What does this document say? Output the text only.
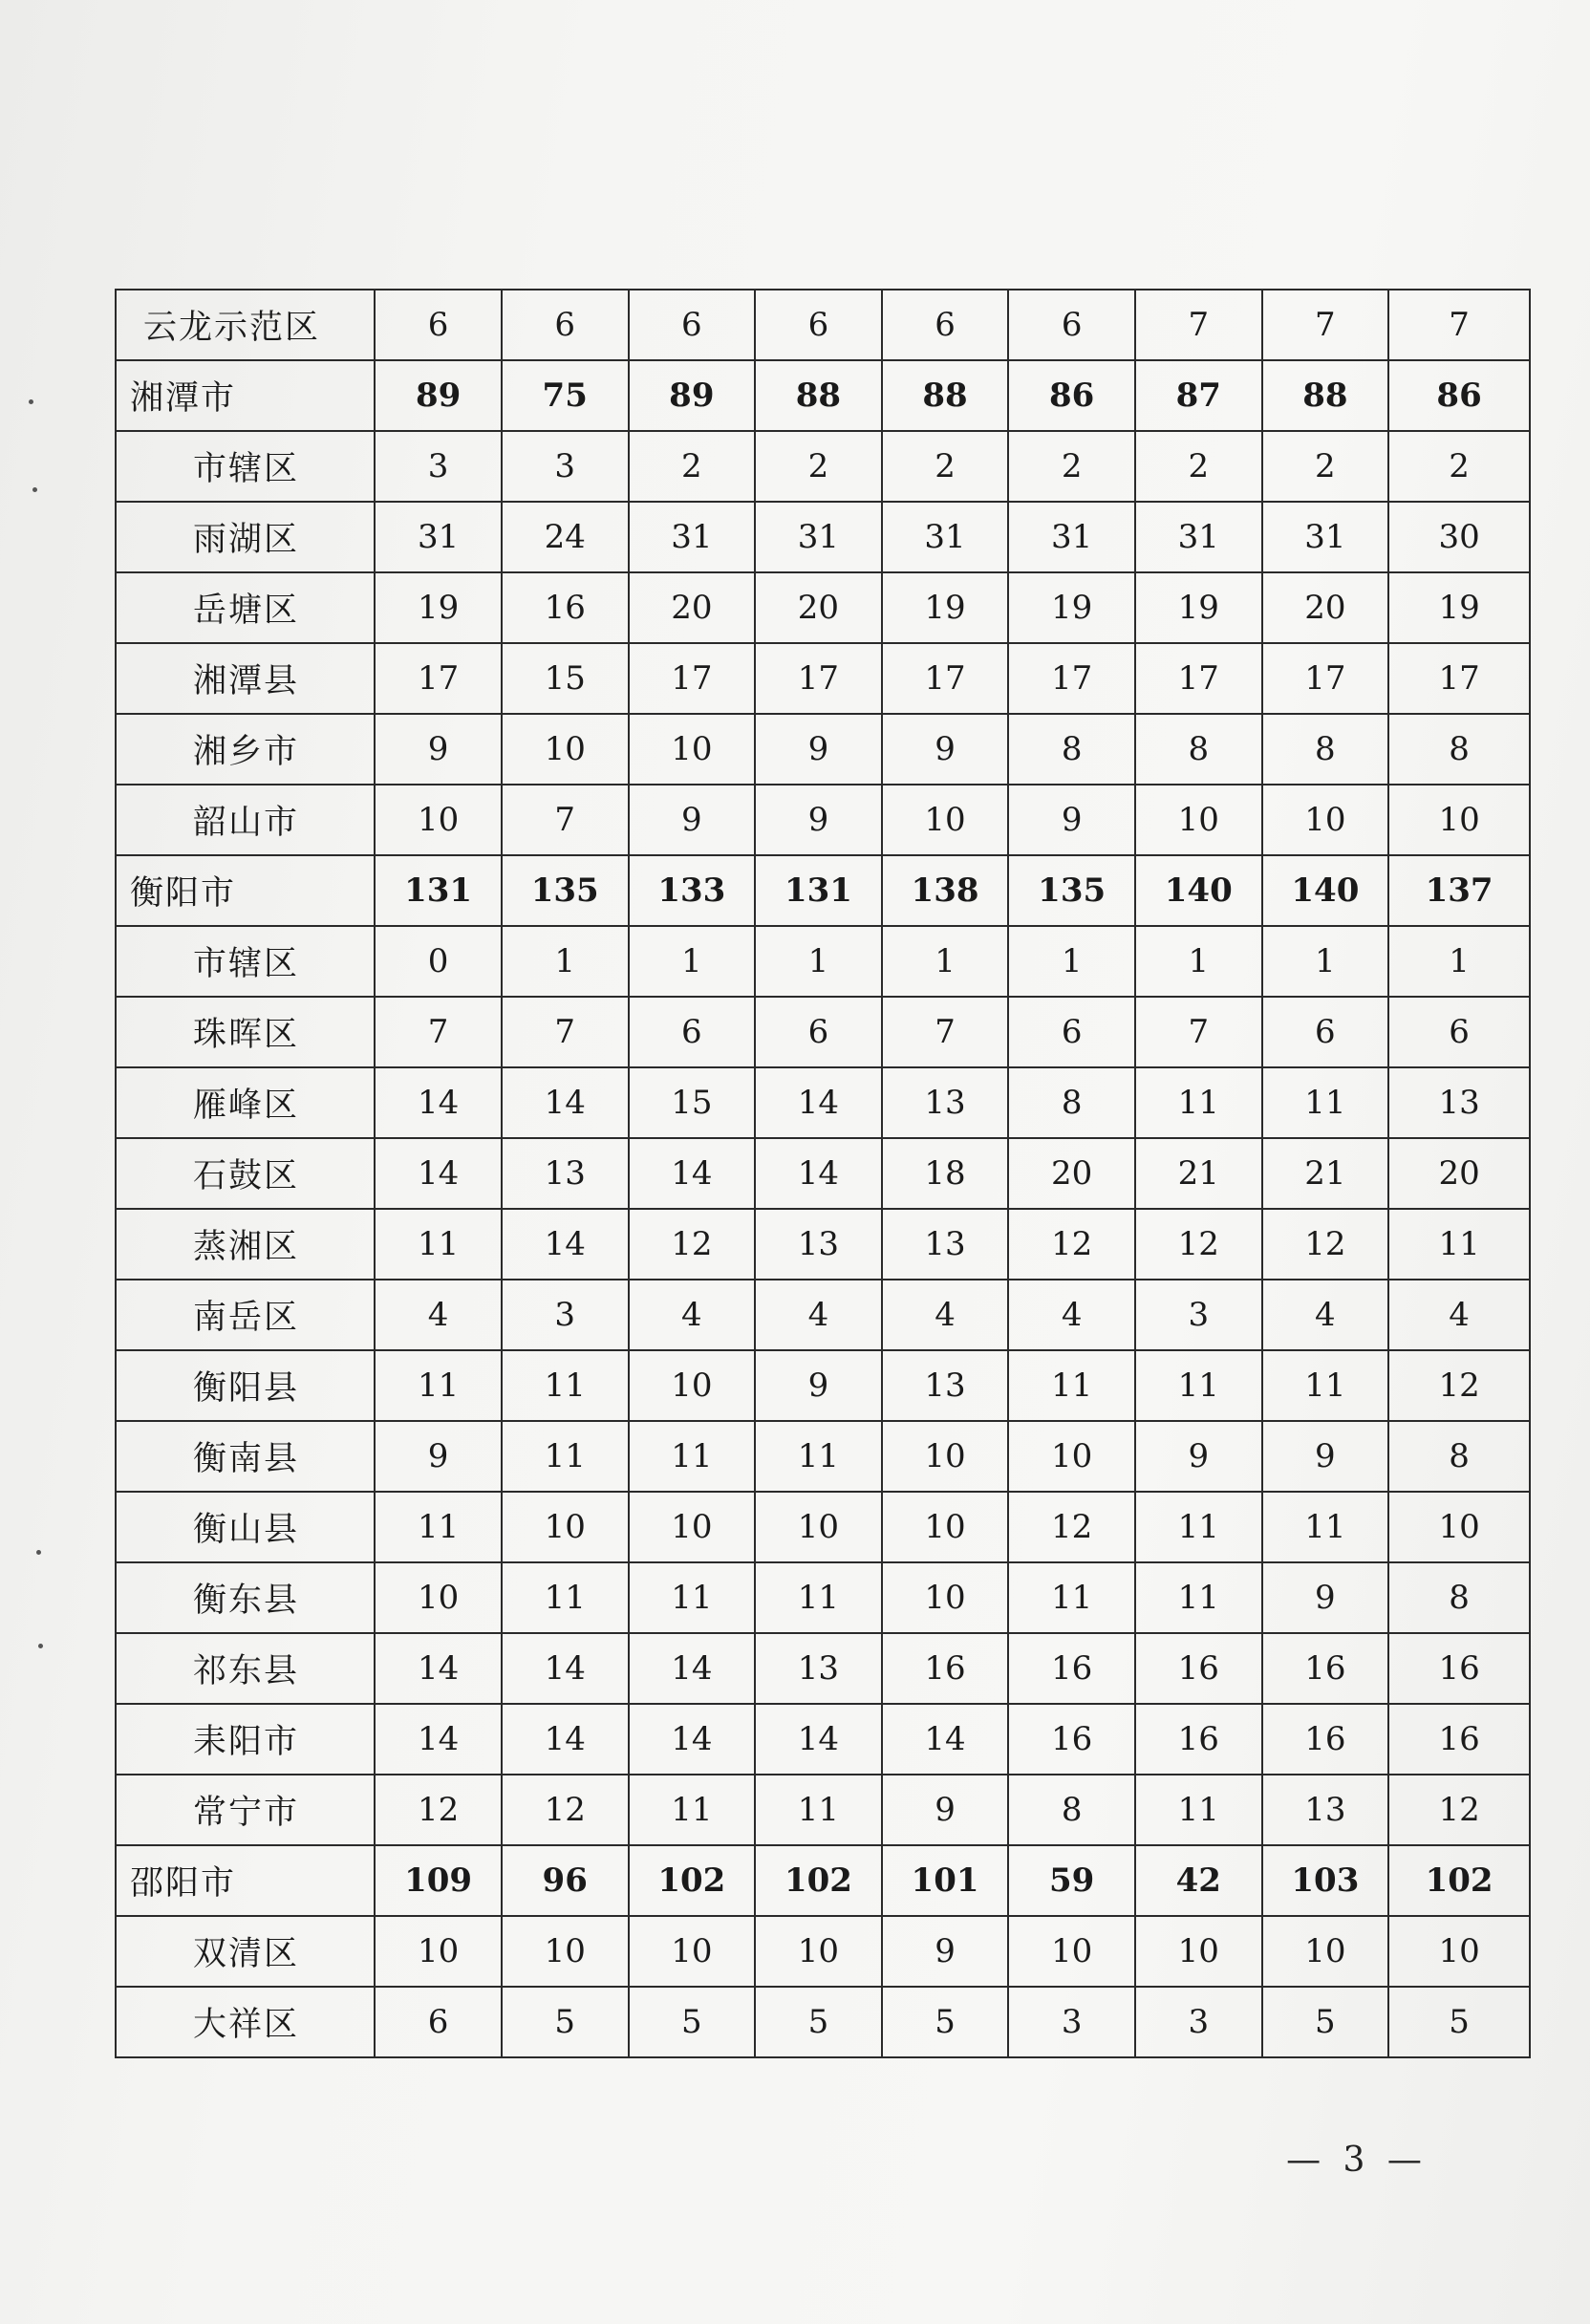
云龙示范区	6	6	6	6	6	6	7	7	7
湘潭市	89	75	89	88	88	86	87	88	86
市辖区	3	3	2	2	2	2	2	2	2
雨湖区	31	24	31	31	31	31	31	31	30
岳塘区	19	16	20	20	19	19	19	20	19
湘潭县	17	15	17	17	17	17	17	17	17
湘乡市	9	10	10	9	9	8	8	8	8
韶山市	10	7	9	9	10	9	10	10	10
衡阳市	131	135	133	131	138	135	140	140	137
市辖区	0	1	1	1	1	1	1	1	1
珠晖区	7	7	6	6	7	6	7	6	6
雁峰区	14	14	15	14	13	8	11	11	13
石鼓区	14	13	14	14	18	20	21	21	20
蒸湘区	11	14	12	13	13	12	12	12	11
南岳区	4	3	4	4	4	4	3	4	4
衡阳县	11	11	10	9	13	11	11	11	12
衡南县	9	11	11	11	10	10	9	9	8
衡山县	11	10	10	10	10	12	11	11	10
衡东县	10	11	11	11	10	11	11	9	8
祁东县	14	14	14	13	16	16	16	16	16
耒阳市	14	14	14	14	14	16	16	16	16
常宁市	12	12	11	11	9	8	11	13	12
邵阳市	109	96	102	102	101	59	42	103	102
双清区	10	10	10	10	9	10	10	10	10
大祥区	6	5	5	5	5	3	3	5	5
— 3 —
